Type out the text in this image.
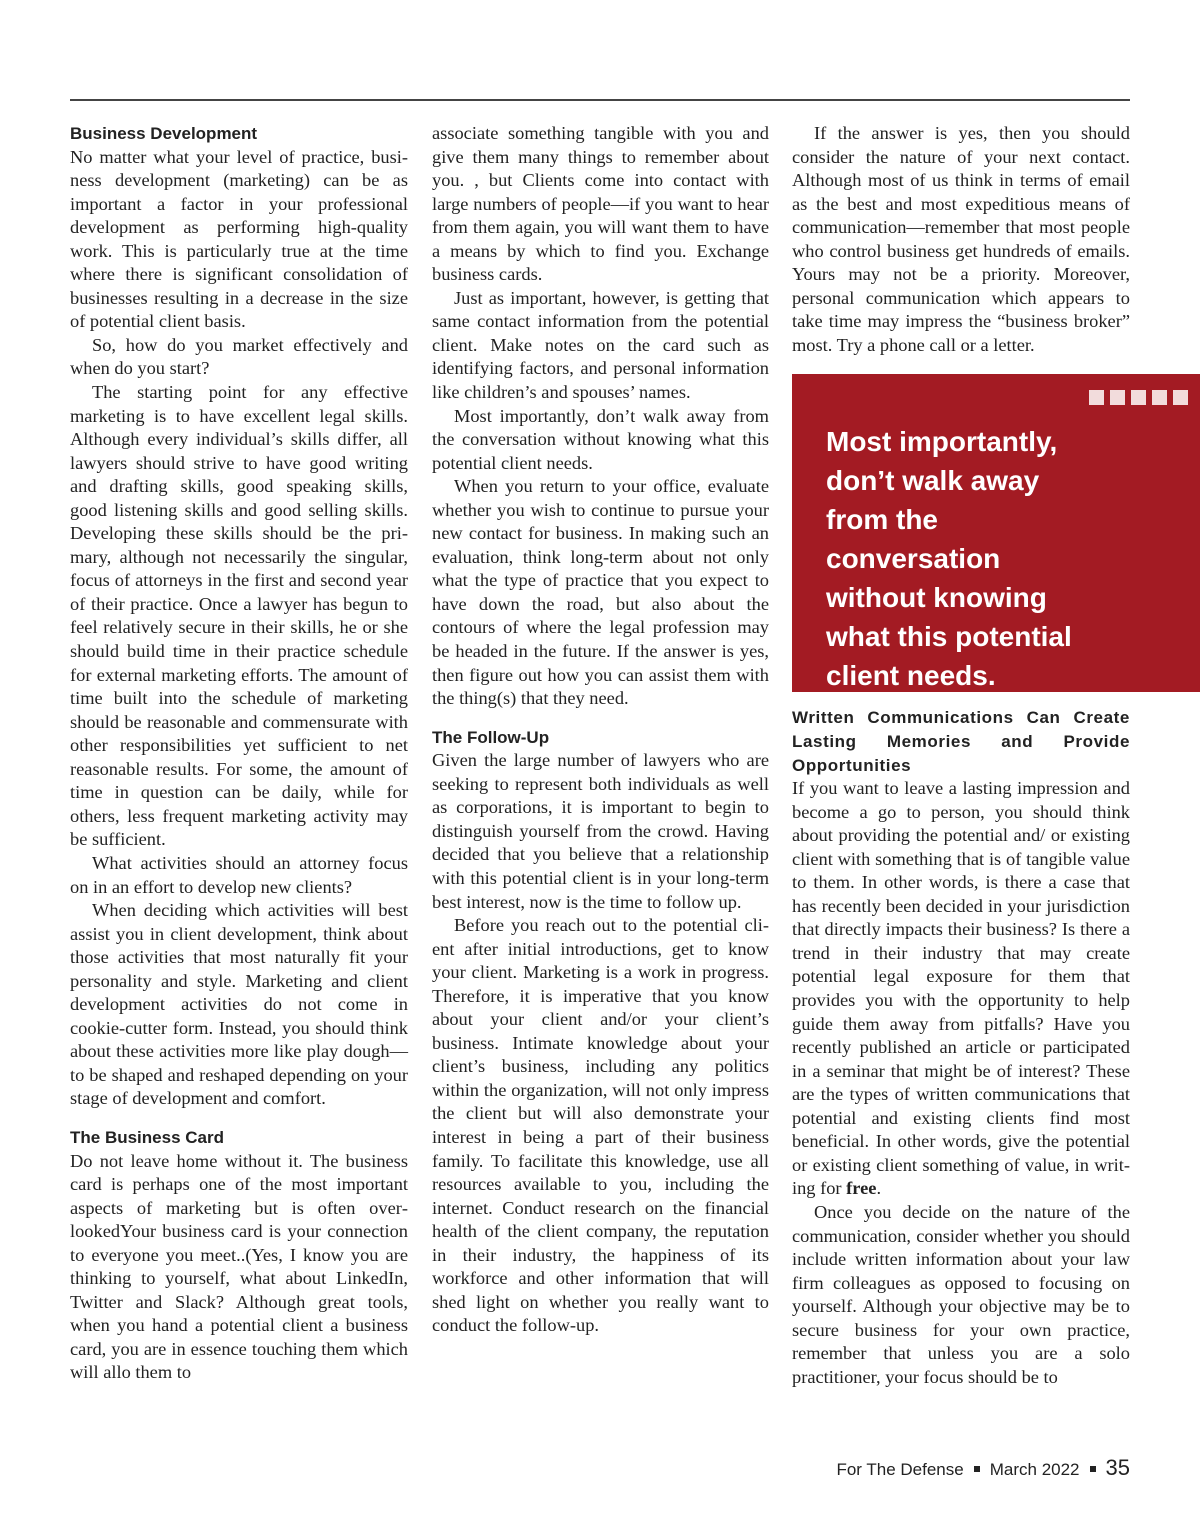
Business Development

No matter what your level of practice, business development (marketing) can be as important a factor in your professional development as performing high-quality work. This is particularly true at the time where there is significant consolidation of businesses resulting in a decrease in the size of potential client basis.

So, how do you market effectively and when do you start?

The starting point for any effective marketing is to have excellent legal skills. Although every individual’s skills differ, all lawyers should strive to have good writing and drafting skills, good speaking skills, good listening skills and good selling skills. Developing these skills should be the primary, although not necessarily the singular, focus of attorneys in the first and second year of their practice. Once a lawyer has begun to feel relatively secure in their skills, he or she should build time in their practice schedule for external marketing efforts. The amount of time built into the schedule of marketing should be reasonable and commensurate with other responsibilities yet sufficient to net reasonable results. For some, the amount of time in question can be daily, while for others, less frequent marketing activity may be sufficient.

What activities should an attorney focus on in an effort to develop new clients?

When deciding which activities will best assist you in client development, think about those activities that most naturally fit your personality and style. Marketing and client development activities do not come in cookie-cutter form. Instead, you should think about these activities more like play dough—to be shaped and reshaped depending on your stage of development and comfort.

The Business Card

Do not leave home without it. The business card is perhaps one of the most important aspects of marketing but is often overlookedYour business card is your connection to everyone you meet..(Yes, I know you are thinking to yourself, what about LinkedIn, Twitter and Slack? Although great tools, when you hand a potential client a business card, you are in essence touching them which will allo them to

associate something tangible with you and give them many things to remember about you. , but Clients come into contact with large numbers of people—if you want to hear from them again, you will want them to have a means by which to find you. Exchange business cards.

Just as important, however, is getting that same contact information from the potential client. Make notes on the card such as identifying factors, and personal information like children’s and spouses’ names.

Most importantly, don’t walk away from the conversation without knowing what this potential client needs.

When you return to your office, evaluate whether you wish to continue to pursue your new contact for business. In making such an evaluation, think long-term about not only what the type of practice that you expect to have down the road, but also about the contours of where the legal profession may be headed in the future. If the answer is yes, then figure out how you can assist them with the thing(s) that they need.

The Follow-Up

Given the large number of lawyers who are seeking to represent both individuals as well as corporations, it is important to begin to distinguish yourself from the crowd. Having decided that you believe that a relationship with this potential client is in your long-term best interest, now is the time to follow up.

Before you reach out to the potential client after initial introductions, get to know your client. Marketing is a work in progress. Therefore, it is imperative that you know about your client and/or your client’s business. Intimate knowledge about your client’s business, including any politics within the organization, will not only impress the client but will also demonstrate your interest in being a part of their business family. To facilitate this knowledge, use all resources available to you, including the internet. Conduct research on the financial health of the client company, the reputation in their industry, the happiness of its workforce and other information that will shed light on whether you really want to conduct the follow-up.

If the answer is yes, then you should consider the nature of your next contact. Although most of us think in terms of email as the best and most expeditious means of communication—remember that most people who control business get hundreds of emails. Yours may not be a priority. Moreover, personal communication which appears to take time may impress the “business broker” most. Try a phone call or a letter.

Most importantly, don’t walk away from the conversation without knowing what this potential client needs.
Written Communications Can Create Lasting Memories and Provide Opportunities

If you want to leave a lasting impression and become a go to person, you should think about providing the potential and/ or existing client with something that is of tangible value to them. In other words, is there a case that has recently been decided in your jurisdiction that directly impacts their business? Is there a trend in their industry that may create potential legal exposure for them that provides you with the opportunity to help guide them away from pitfalls? Have you recently published an article or participated in a seminar that might be of interest? These are the types of written communications that potential and existing clients find most beneficial. In other words, give the potential or existing client something of value, in writing for free.

Once you decide on the nature of the communication, consider whether you should include written information about your law firm colleagues as opposed to focusing on yourself. Although your objective may be to secure business for your own practice, remember that unless you are a solo practitioner, your focus should be to

For The Defense March 2022 35
